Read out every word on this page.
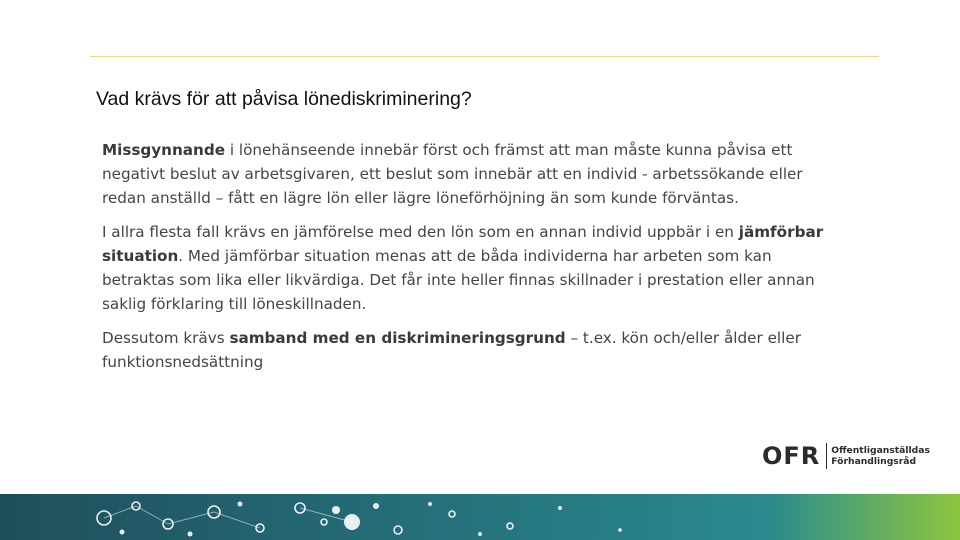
Vad krävs för att påvisa lönediskriminering?

Missgynnande i lönehänseende innebär först och främst att man måste kunna påvisa ett negativt beslut av arbetsgivaren, ett beslut som innebär att en individ - arbetssökande eller redan anställd – fått en lägre lön eller lägre löneförhöjning än som kunde förväntas.

I allra flesta fall krävs en jämförelse med den lön som en annan individ uppbär i en jämförbar situation. Med jämförbar situation menas att de båda individerna har arbeten som kan betraktas som lika eller likvärdiga. Det får inte heller finnas skillnader i prestation eller annan saklig förklaring till löneskillnaden.

Dessutom krävs samband med en diskrimineringsgrund – t.ex. kön och/eller ålder eller funktionsnedsättning

OFR Offentliganställdas
Förhandlingsråd
